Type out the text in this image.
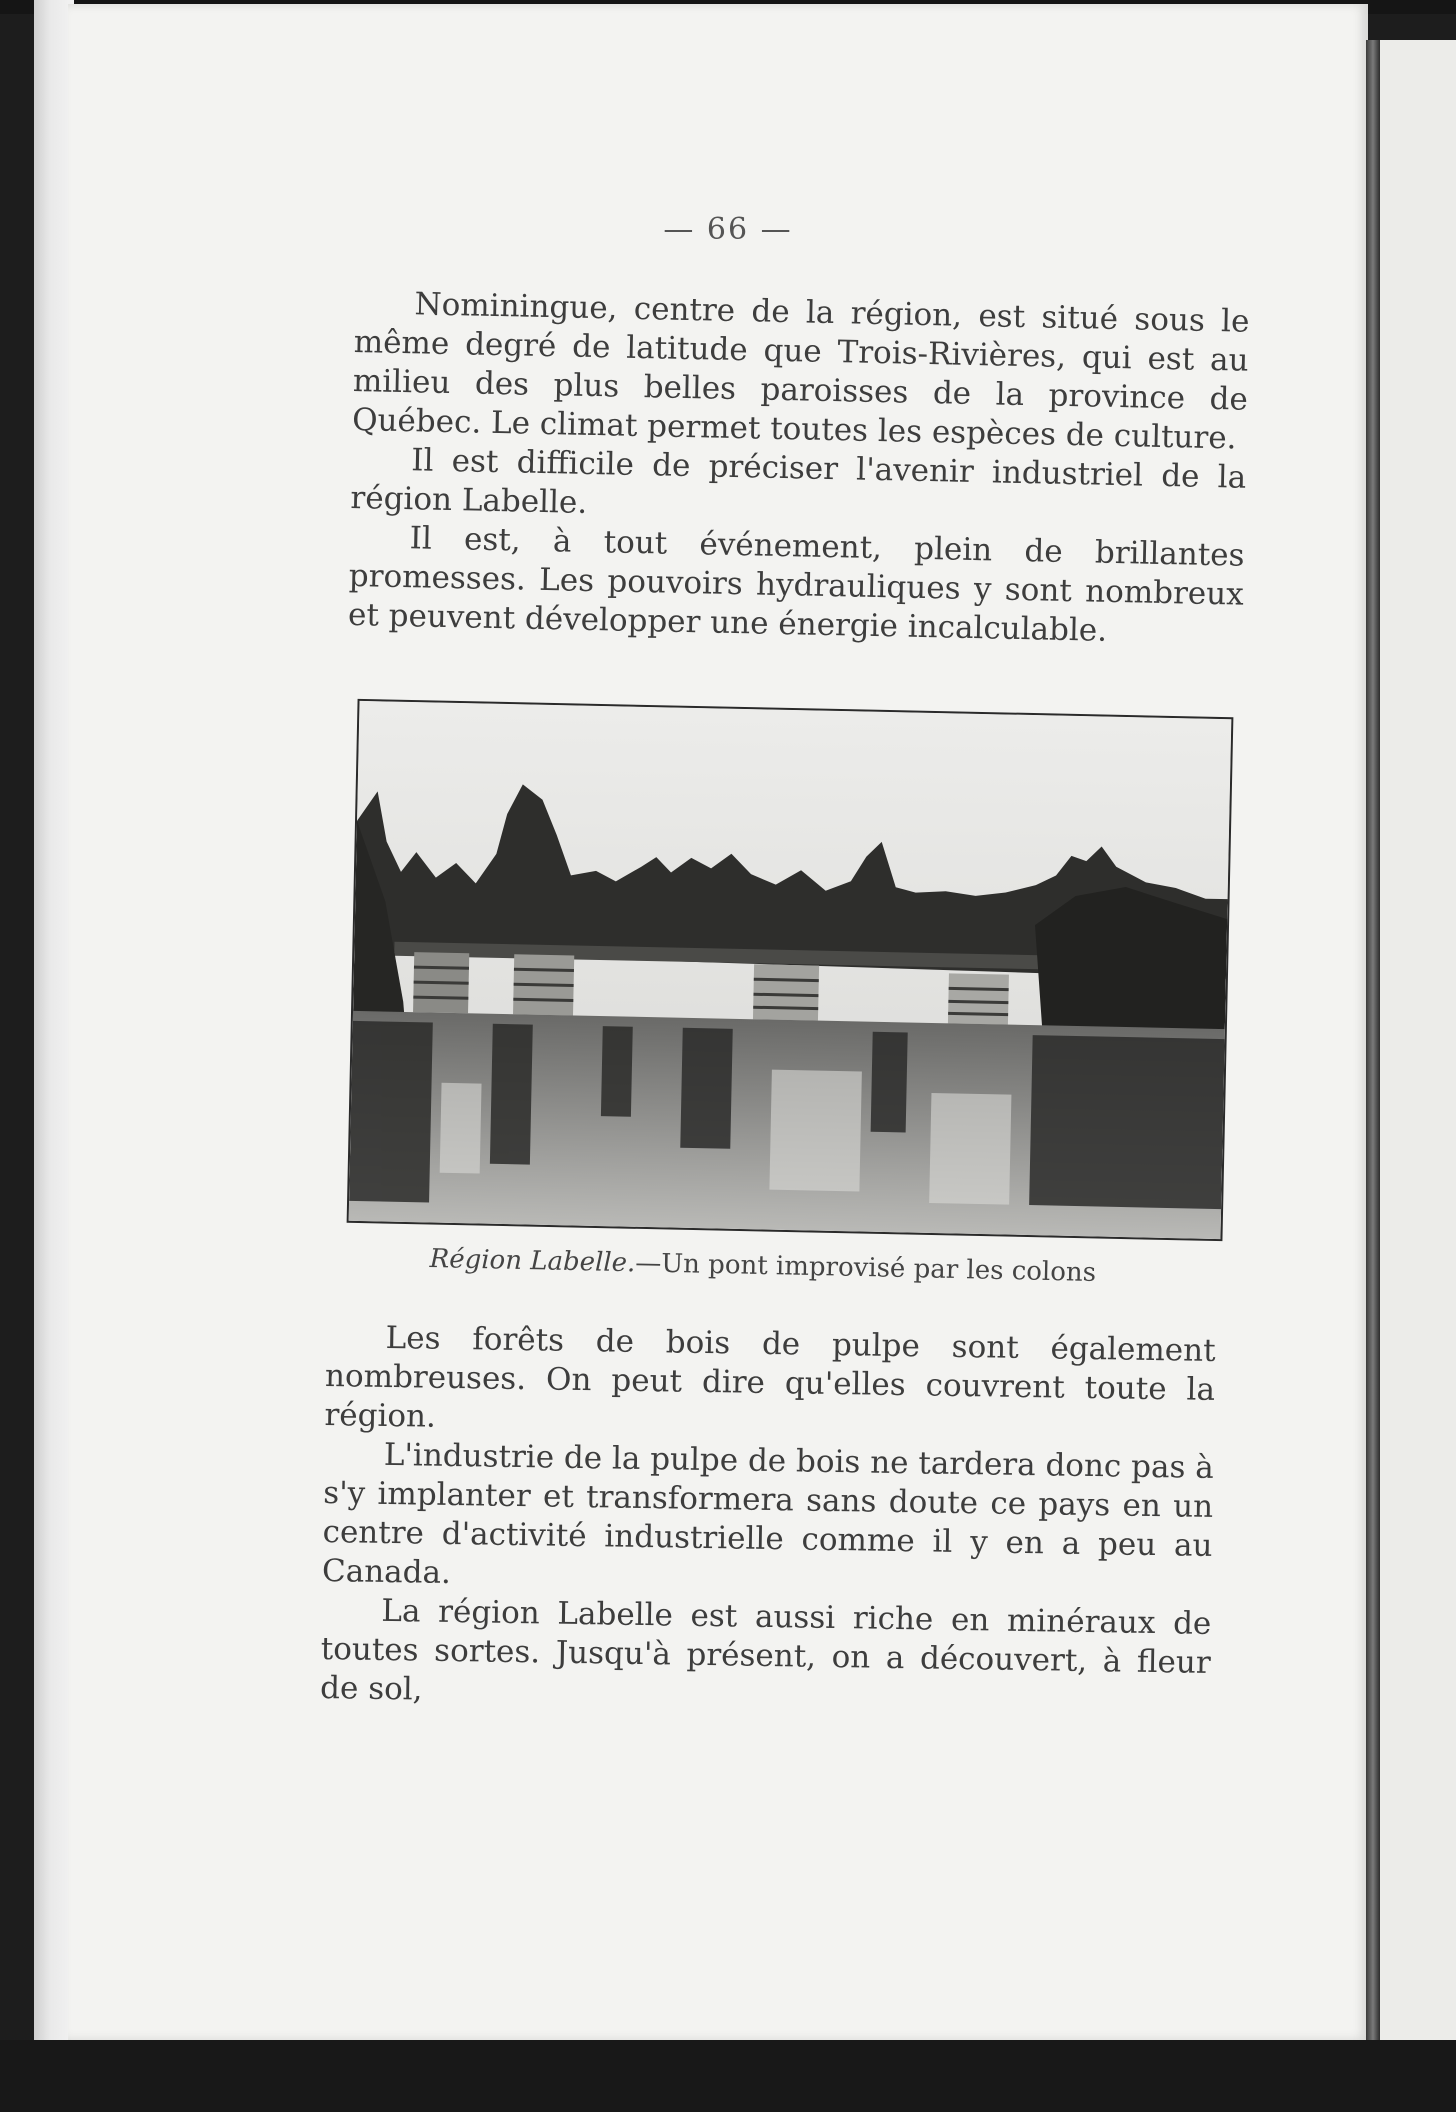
— 66 —

Nominingue, centre de la région, est situé sous le même degré de latitude que Trois-Rivières, qui est au milieu des plus belles paroisses de la province de Québec. Le climat permet toutes les espèces de culture.

Il est difficile de préciser l'avenir industriel de la région Labelle.

Il est, à tout événement, plein de brillantes promesses. Les pouvoirs hydrauliques y sont nombreux et peuvent développer une énergie incalculable.

Région Labelle.—Un pont improvisé par les colons

Les forêts de bois de pulpe sont également nombreuses. On peut dire qu'elles couvrent toute la région.

L'industrie de la pulpe de bois ne tardera donc pas à s'y implanter et transformera sans doute ce pays en un centre d'activité industrielle comme il y en a peu au Canada.

La région Labelle est aussi riche en minéraux de toutes sortes. Jusqu'à présent, on a découvert, à fleur de sol,
